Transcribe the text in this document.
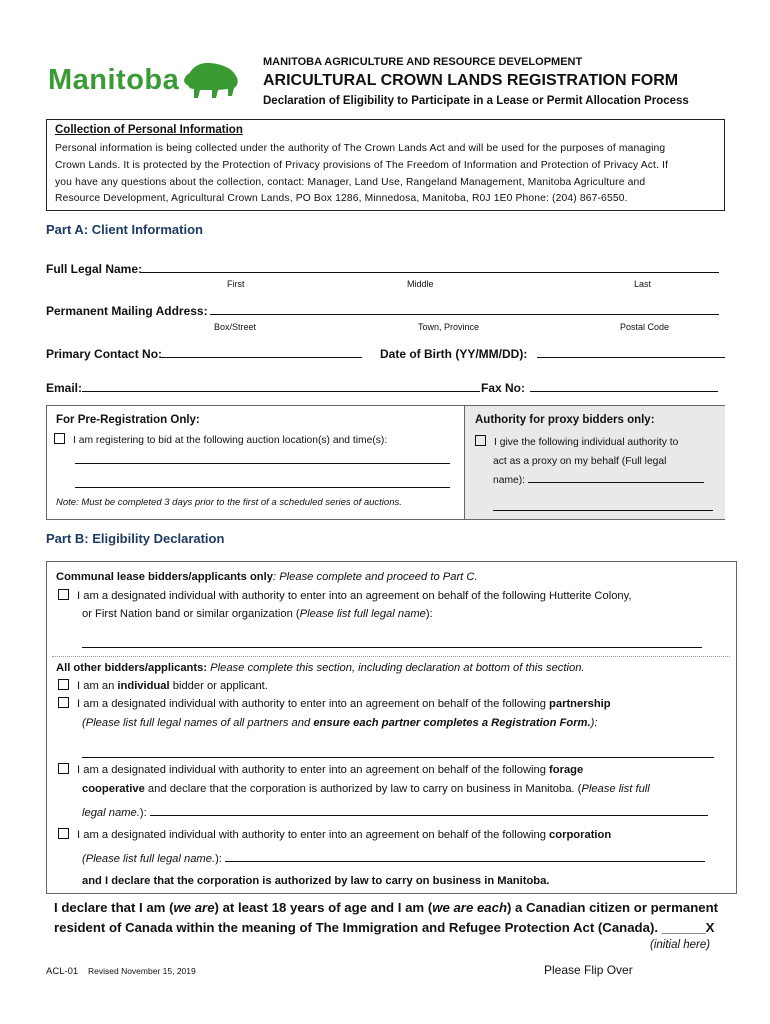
Manitoba
MANITOBA AGRICULTURE AND RESOURCE DEVELOPMENT
ARICULTURAL CROWN LANDS REGISTRATION FORM
Declaration of Eligibility to Participate in a Lease or Permit Allocation Process
Collection of Personal Information
Personal information is being collected under the authority of The Crown Lands Act and will be used for the purposes of managing
Crown Lands. It is protected by the Protection of Privacy provisions of The Freedom of Information and Protection of Privacy Act. If
you have any questions about the collection, contact: Manager, Land Use, Rangeland Management, Manitoba Agriculture and
Resource Development, Agricultural Crown Lands, PO Box 1286, Minnedosa, Manitoba, R0J 1E0 Phone: (204) 867-6550.
Part A: Client Information
Full Legal Name:
First	Middle	Last
Permanent Mailing Address:
Box/Street	Town, Province	Postal Code
Primary Contact No:	Date of Birth (YY/MM/DD):
Email:	Fax No:
For Pre-Registration Only:
I am registering to bid at the following auction location(s) and time(s):
Note: Must be completed 3 days prior to the first of a scheduled series of auctions.
Authority for proxy bidders only:
I give the following individual authority to
act as a proxy on my behalf (Full legal
name):
Part B: Eligibility Declaration
Communal lease bidders/applicants only: Please complete and proceed to Part C.
I am a designated individual with authority to enter into an agreement on behalf of the following Hutterite Colony,
or First Nation band or similar organization (Please list full legal name):
All other bidders/applicants: Please complete this section, including declaration at bottom of this section.
I am an individual bidder or applicant.
I am a designated individual with authority to enter into an agreement on behalf of the following partnership
(Please list full legal names of all partners and ensure each partner completes a Registration Form.):
I am a designated individual with authority to enter into an agreement on behalf of the following forage
cooperative and declare that the corporation is authorized by law to carry on business in Manitoba. (Please list full
legal name.):
I am a designated individual with authority to enter into an agreement on behalf of the following corporation
(Please list full legal name.):
and I declare that the corporation is authorized by law to carry on business in Manitoba.
I declare that I am (we are) at least 18 years of age and I am (we are each) a Canadian citizen or permanent
resident of Canada within the meaning of The Immigration and Refugee Protection Act (Canada). ______X
(initial here)
ACL-01 Revised November 15, 2019	Please Flip Over
